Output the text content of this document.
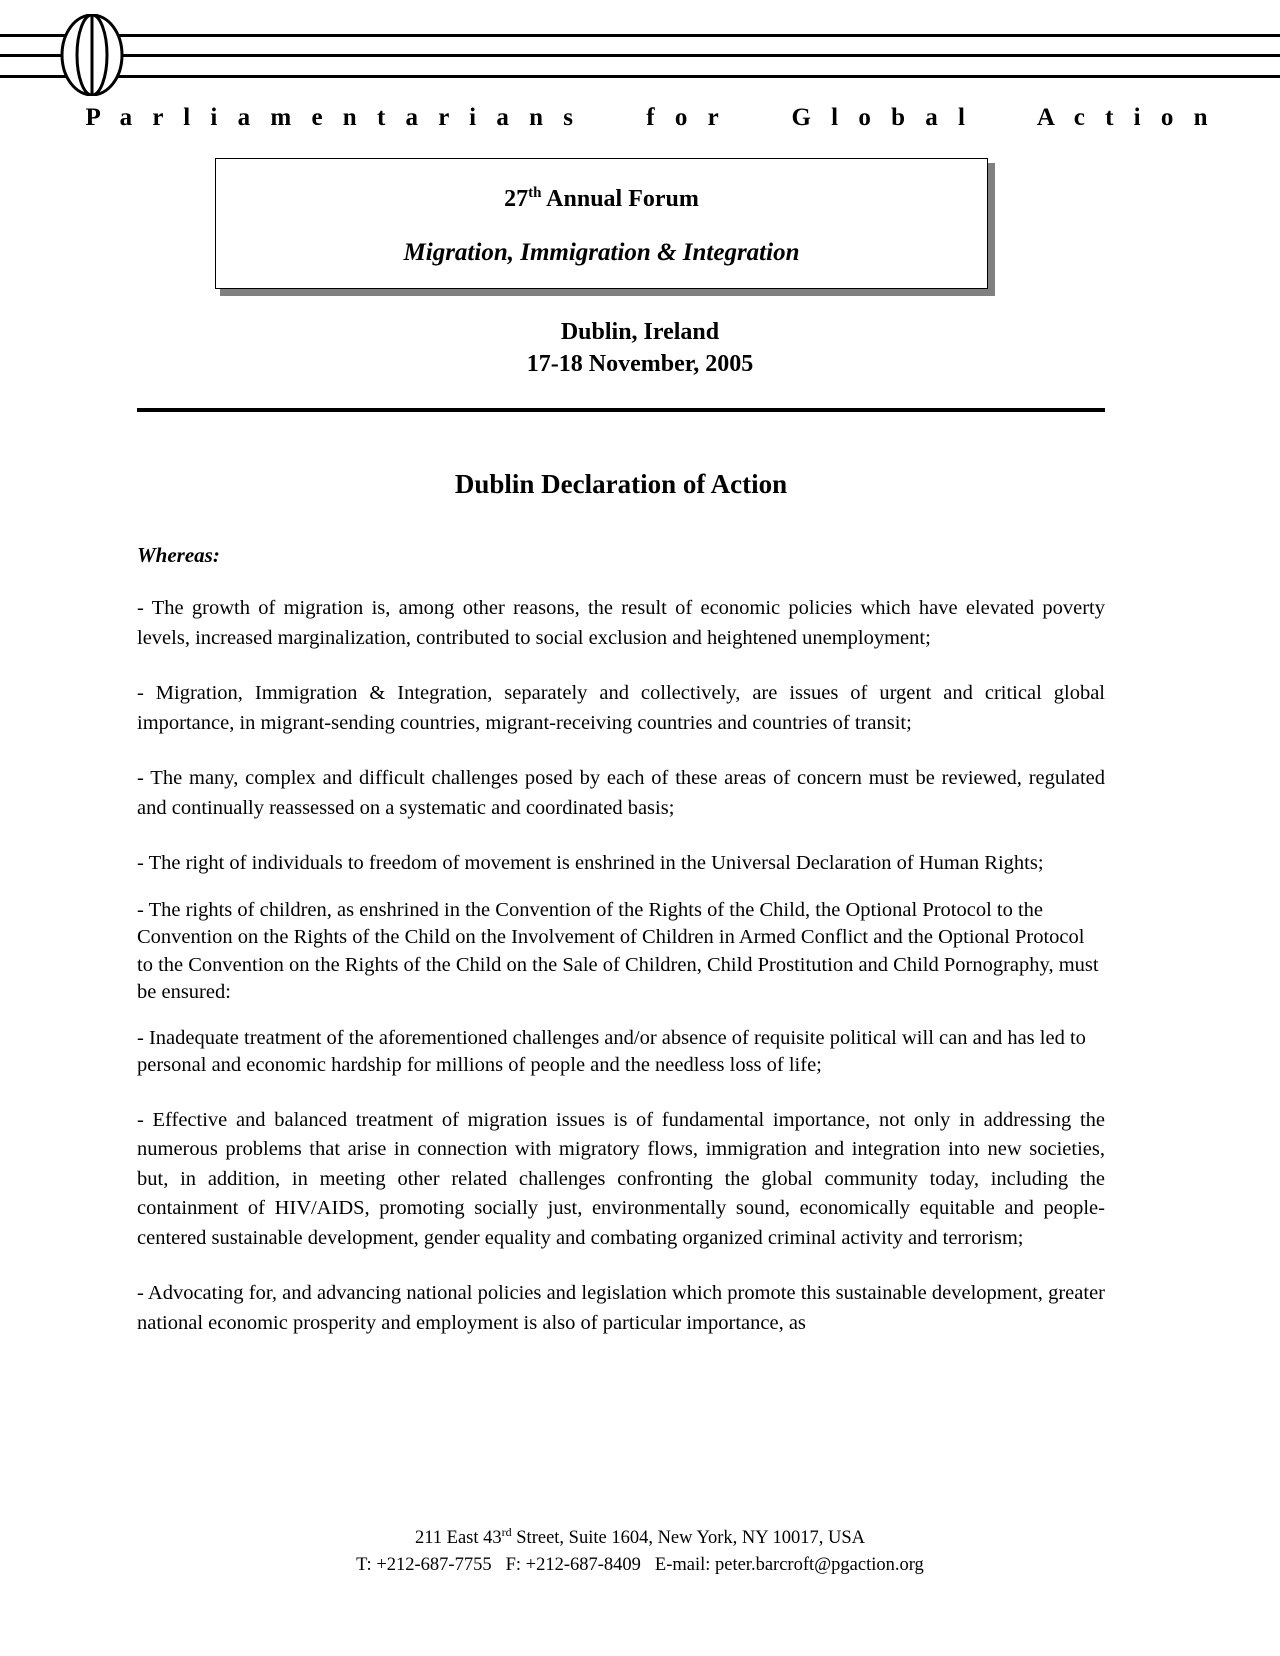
P a r l i a m e n t a r i a n s     f o r     G l o b a l     A c t i o n
27th Annual Forum
Migration, Immigration & Integration
Dublin, Ireland
17-18 November, 2005
Dublin Declaration of Action
Whereas:

- The growth of migration is, among other reasons, the result of economic policies which have elevated poverty levels, increased marginalization, contributed to social exclusion and heightened unemployment;

- Migration, Immigration & Integration, separately and collectively, are issues of urgent and critical global importance, in migrant-sending countries, migrant-receiving countries and countries of transit;

- The many, complex and difficult challenges posed by each of these areas of concern must be reviewed, regulated and continually reassessed on a systematic and coordinated basis;

- The right of individuals to freedom of movement is enshrined in the Universal Declaration of Human Rights;

- The rights of children, as enshrined in the Convention of the Rights of the Child, the Optional Protocol to the Convention on the Rights of the Child on the Involvement of Children in Armed Conflict and the Optional Protocol to the Convention on the Rights of the Child on the Sale of Children, Child Prostitution and Child Pornography, must be ensured:

- Inadequate treatment of the aforementioned challenges and/or absence of requisite political will can and has led to personal and economic hardship for millions of people and the needless loss of life;

- Effective and balanced treatment of migration issues is of fundamental importance, not only in addressing the numerous problems that arise in connection with migratory flows, immigration and integration into new societies, but, in addition, in meeting other related challenges confronting the global community today, including the containment of HIV/AIDS, promoting socially just, environmentally sound, economically equitable and people-centered sustainable development, gender equality and combating organized criminal activity and terrorism;

- Advocating for, and advancing national policies and legislation which promote this sustainable development, greater national economic prosperity and employment is also of particular importance, as

211 East 43rd Street, Suite 1604, New York, NY 10017, USA
T: +212-687-7755 F: +212-687-8409 E-mail: peter.barcroft@pgaction.org
